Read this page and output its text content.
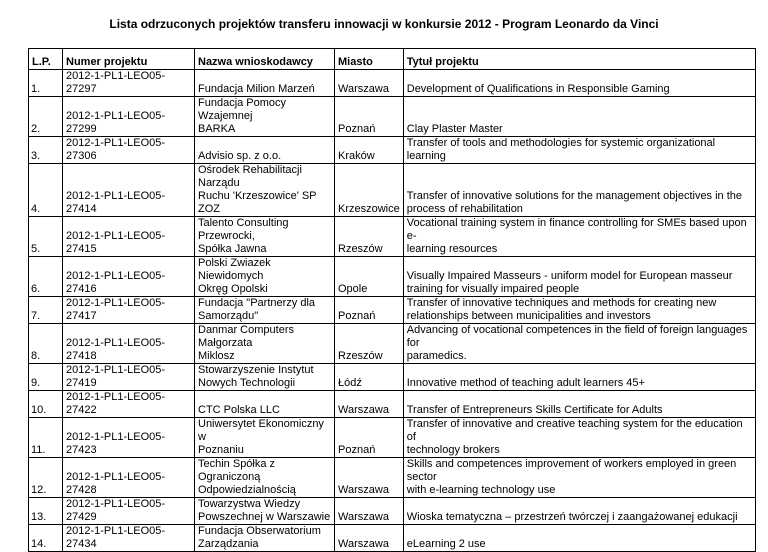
Lista odrzuconych projektów transferu innowacji w konkursie 2012 - Program Leonardo da Vinci
L.P.	Numer projektu	Nazwa wnioskodawcy	Miasto	Tytuł projektu

1.	2012-1-PL1-LEO05-27297	Fundacja Milion Marzeń	Warszawa	Development of Qualifications in Responsible Gaming

2.	2012-1-PL1-LEO05-27299	Fundacja Pomocy Wzajemnej
BARKA	Poznań	Clay Plaster Master

3.	2012-1-PL1-LEO05-27306	Advisio sp. z o.o.	Kraków	Transfer of tools and methodologies for systemic organizational learning

4.	2012-1-PL1-LEO05-27414	Ośrodek Rehabilitacji Narządu
Ruchu 'Krzeszowice' SP ZOZ	Krzeszowice	Transfer of innovative solutions for the management objectives in the
process of rehabilitation

5.	2012-1-PL1-LEO05-27415	Talento Consulting Przewrocki,
Spółka Jawna	Rzeszów	Vocational training system in finance controlling for SMEs based upon e-
learning resources

6.	2012-1-PL1-LEO05-27416	Polski Zwiazek Niewidomych
Okręg Opolski	Opole	Visually Impaired Masseurs - uniform model for European masseur
training for visually impaired people

7.	2012-1-PL1-LEO05-27417	Fundacja "Partnerzy dla
Samorządu"	Poznań	Transfer of innovative techniques and methods for creating new
relationships between municipalities and investors

8.	2012-1-PL1-LEO05-27418	Danmar Computers Małgorzata
Miklosz	Rzeszów	Advancing of vocational competences in the field of foreign languages for
paramedics.

9.	2012-1-PL1-LEO05-27419	Stowarzyszenie Instytut
Nowych Technologii	Łódź	Innovative method of teaching adult learners 45+

10.	2012-1-PL1-LEO05-27422	CTC Polska LLC	Warszawa	Transfer of Entrepreneurs Skills Certificate for Adults

11.	2012-1-PL1-LEO05-27423	Uniwersytet Ekonomiczny w
Poznaniu	Poznań	Transfer of innovative and creative teaching system for the education of
technology brokers

12.	2012-1-PL1-LEO05-27428	Techin Spółka z Ograniczoną
Odpowiedzialnością	Warszawa	Skills and competences improvement of workers employed in green sector
with e-learning technology use

13.	2012-1-PL1-LEO05-27429	Towarzystwa Wiedzy
Powszechnej w Warszawie	Warszawa	Wioska tematyczna – przestrzeń twórczej i zaangażowanej edukacji

14.	2012-1-PL1-LEO05-27434	Fundacja Obserwatorium
Zarządzania	Warszawa	eLearning 2 use
